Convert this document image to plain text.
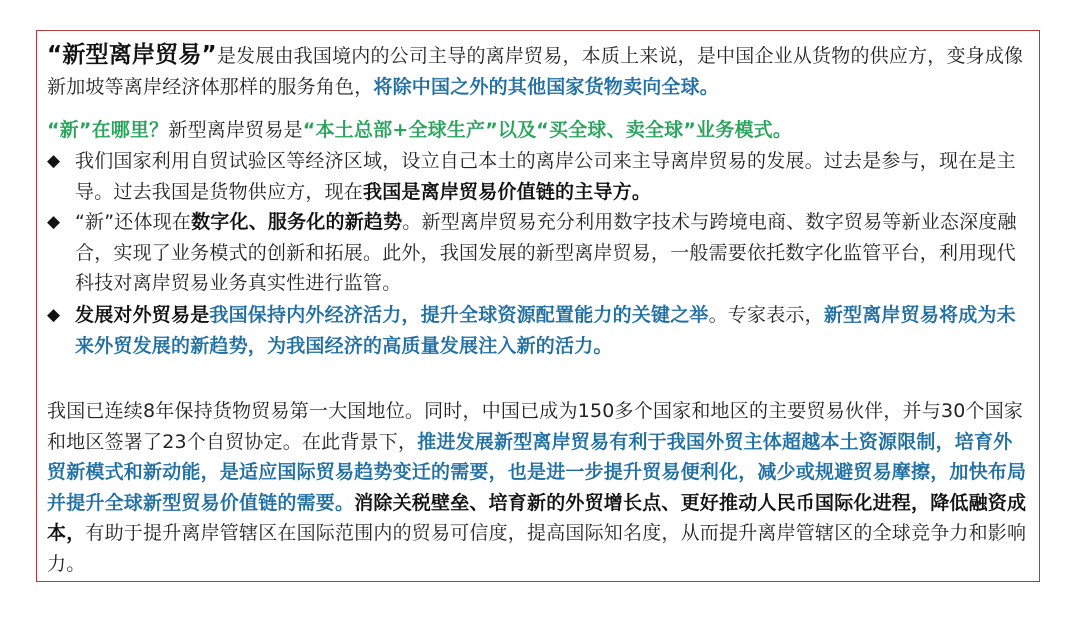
“新型离岸贸易”是发展由我国境内的公司主导的离岸贸易，本质上来说，是中国企业从货物的供应方，变身成像新加坡等离岸经济体那样的服务角色，将除中国之外的其他国家货物卖向全球。

“新”在哪里？新型离岸贸易是“本土总部+全球生产”以及“买全球、卖全球”业务模式。

◆ 我们国家利用自贸试验区等经济区域，设立自己本土的离岸公司来主导离岸贸易的发展。过去是参与，现在是主导。过去我国是货物供应方，现在我国是离岸贸易价值链的主导方。
◆ “新”还体现在数字化、服务化的新趋势。新型离岸贸易充分利用数字技术与跨境电商、数字贸易等新业态深度融合，实现了业务模式的创新和拓展。此外，我国发展的新型离岸贸易，一般需要依托数字化监管平台，利用现代科技对离岸贸易业务真实性进行监管。
◆ 发展对外贸易是我国保持内外经济活力，提升全球资源配置能力的关键之举。专家表示，新型离岸贸易将成为未来外贸发展的新趋势，为我国经济的高质量发展注入新的活力。

我国已连续8年保持货物贸易第一大国地位。同时，中国已成为150多个国家和地区的主要贸易伙伴，并与30个国家和地区签署了23个自贸协定。在此背景下，推进发展新型离岸贸易有利于我国外贸主体超越本土资源限制，培育外贸新模式和新动能，是适应国际贸易趋势变迁的需要，也是进一步提升贸易便利化，减少或规避贸易摩擦，加快布局并提升全球新型贸易价值链的需要。消除关税壁垒、培育新的外贸增长点、更好推动人民币国际化进程，降低融资成本，有助于提升离岸管辖区在国际范围内的贸易可信度，提高国际知名度，从而提升离岸管辖区的全球竞争力和影响力。
